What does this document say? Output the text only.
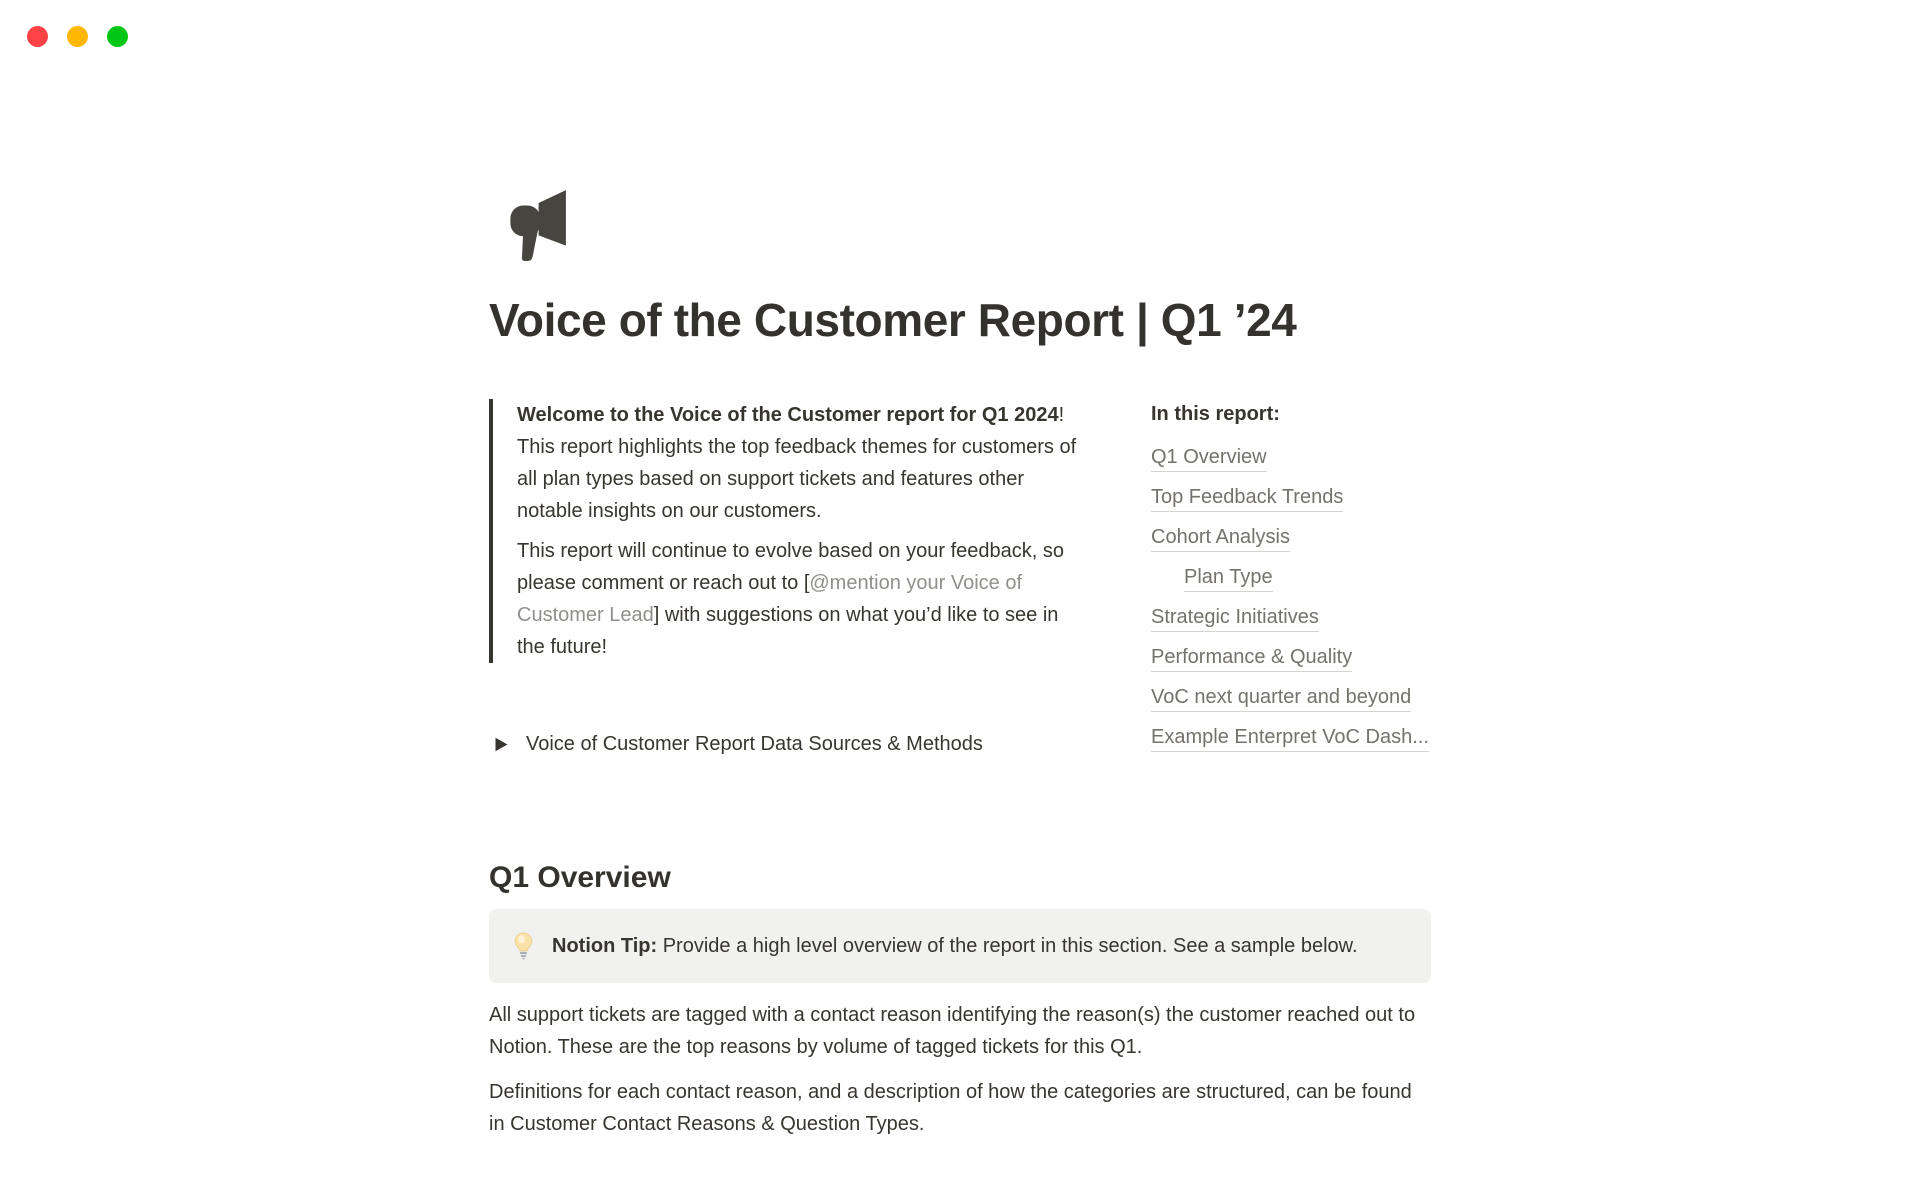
Voice of the Customer Report | Q1 ’24

Welcome to the Voice of the Customer report for Q1 2024! This report highlights the top feedback themes for customers of all plan types based on support tickets and features other notable insights on our customers.

This report will continue to evolve based on your feedback, so please comment or reach out to [@mention your Voice of Customer Lead] with suggestions on what you’d like to see in the future!

Voice of Customer Report Data Sources & Methods
In this report:
Q1 Overview
Top Feedback Trends
Cohort Analysis
Plan Type
Strategic Initiatives
Performance & Quality
VoC next quarter and beyond
Example Enterpret VoC Dash...
Q1 Overview
Notion Tip: Provide a high level overview of the report in this section. See a sample below.

All support tickets are tagged with a contact reason identifying the reason(s) the customer reached out to Notion. These are the top reasons by volume of tagged tickets for this Q1.

Definitions for each contact reason, and a description of how the categories are structured, can be found in Customer Contact Reasons & Question Types.
